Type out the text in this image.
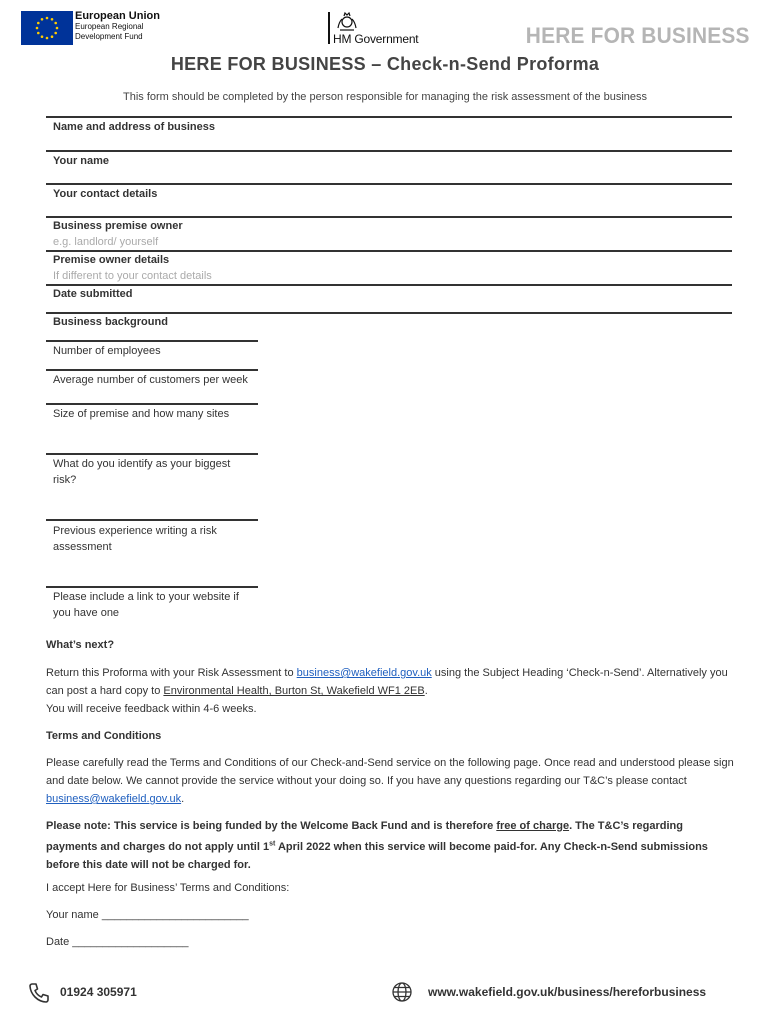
European Union
European Regional
Development Fund	HM Government	HERE FOR BUSINESS
HERE FOR BUSINESS – Check-n-Send Proforma
This form should be completed by the person responsible for managing the risk assessment of the business
Name and address of business
Your name
Your contact details
Business premise owner
e.g. landlord/ yourself
Premise owner details
If different to your contact details
Date submitted
Business background
Number of employees
Average number of customers per week
Size of premise and how many sites
What do you identify as your biggest risk?
Previous experience writing a risk assessment
Please include a link to your website if you have one
What’s next?
Return this Proforma with your Risk Assessment to business@wakefield.gov.uk using the Subject Heading ‘Check-n-Send’. Alternatively you can post a hard copy to Environmental Health, Burton St, Wakefield WF1 2EB.
You will receive feedback within 4-6 weeks.
Terms and Conditions
Please carefully read the Terms and Conditions of our Check-and-Send service on the following page. Once read and understood please sign and date below. We cannot provide the service without your doing so. If you have any questions regarding our T&C’s please contact business@wakefield.gov.uk.
Please note: This service is being funded by the Welcome Back Fund and is therefore free of charge. The T&C’s regarding payments and charges do not apply until 1st April 2022 when this service will become paid-for. Any Check-n-Send submissions before this date will not be charged for.
I accept Here for Business’ Terms and Conditions:
Your name ________________________
Date ___________________
01924 305971	www.wakefield.gov.uk/business/hereforbusiness
